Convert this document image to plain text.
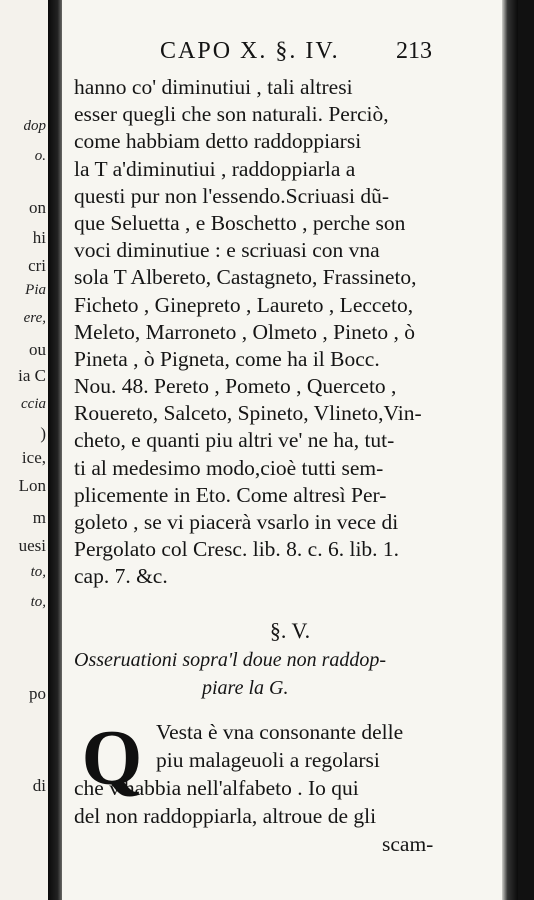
dop
o.
on
hi
cri
Pia
ere,
ou
ia C
ccia
)
ice,
Lon
m
uesi
to,
to,
po
di
CAPO X. §. IV. 213
hanno co' diminutiui , tali altresi
esser quegli che son naturali. Perciò,
come habbiam detto raddoppiarsi
la T a'diminutiui , raddoppiarla a
questi pur non l'essendo.Scriuasi dũ-
que Seluetta , e Boschetto , perche son
voci diminutiue : e scriuasi con vna
sola T Albereto, Castagneto, Frassineto,
Ficheto , Ginepreto , Laureto , Lecceto,
Meleto, Marroneto , Olmeto , Pineto , ò
Pineta , ò Pigneta, come ha il Bocc.
Nou. 48. Pereto , Pometo , Querceto ,
Rouereto, Salceto, Spineto, Vlineto,Vin-
cheto, e quanti piu altri ve' ne ha, tut-
ti al medesimo modo,cioè tutti sem-
plicemente in Eto. Come altresì Per-
goleto , se vi piacerà vsarlo in vece di
Pergolato col Cresc. lib. 8. c. 6. lib. 1.
cap. 7. &c.
§. V.
Osseruationi sopra'l doue non raddop-
piare la G.
Q Vesta è vna consonante delle
piu malageuoli a regolarsi
che v'habbia nell'alfabeto . Io qui
del non raddoppiarla, altroue de gli
scam-
